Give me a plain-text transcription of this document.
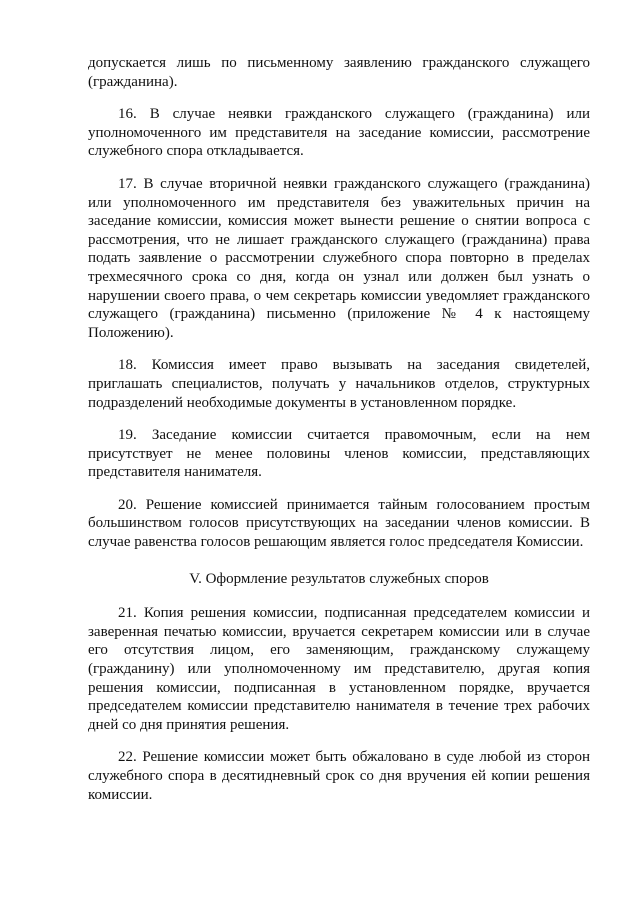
допускается лишь по письменному заявлению гражданского служащего (гражданина).

16. В случае неявки гражданского служащего (гражданина) или уполномоченного им представителя на заседание комиссии, рассмотрение служебного спора откладывается.

17. В случае вторичной неявки гражданского служащего (гражданина) или уполномоченного им представителя без уважительных причин на заседание комиссии, комиссия может вынести решение о снятии вопроса с рассмотрения, что не лишает гражданского служащего (гражданина) права подать заявление о рассмотрении служебного спора повторно в пределах трехмесячного срока со дня, когда он узнал или должен был узнать о нарушении своего права, о чем секретарь комиссии уведомляет гражданского служащего (гражданина) письменно (приложение № 4 к настоящему Положению).

18. Комиссия имеет право вызывать на заседания свидетелей, приглашать специалистов, получать у начальников отделов, структурных подразделений необходимые документы в установленном порядке.

19. Заседание комиссии считается правомочным, если на нем присутствует не менее половины членов комиссии, представляющих представителя нанимателя.

20. Решение комиссией принимается тайным голосованием простым большинством голосов присутствующих на заседании членов комиссии. В случае равенства голосов решающим является голос председателя Комиссии.

V. Оформление результатов служебных споров

21. Копия решения комиссии, подписанная председателем комиссии и заверенная печатью комиссии, вручается секретарем комиссии или в случае его отсутствия лицом, его заменяющим, гражданскому служащему (гражданину) или уполномоченному им представителю, другая копия решения комиссии, подписанная в установленном порядке, вручается председателем комиссии представителю нанимателя в течение трех рабочих дней со дня принятия решения.

22. Решение комиссии может быть обжаловано в суде любой из сторон служебного спора в десятидневный срок со дня вручения ей копии решения комиссии.
